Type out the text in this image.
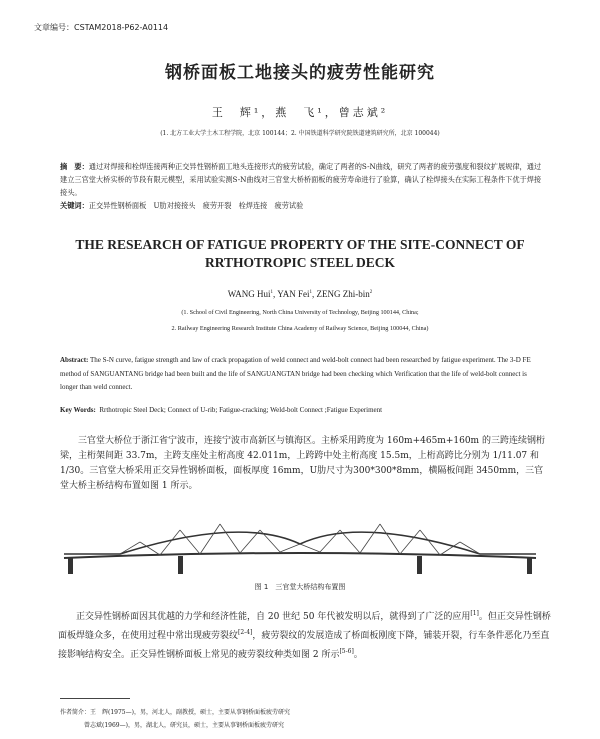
文章编号：CSTAM2018-P62-A0114
钢桥面板工地接头的疲劳性能研究
王　辉¹，燕　飞¹，曾志斌²
(1. 北方工业大学土木工程学院，北京 100144；2. 中国铁道科学研究院铁道建筑研究所，北京 100044)
摘　要：通过对焊接和栓焊连接两种正交异性钢桥面工地头连接形式的疲劳试验，确定了两者的S-N曲线，研究了两者的疲劳强度和裂纹扩展规律，通过建立三官堂大桥实桥的节段有限元模型，采用试验实测S-N曲线对三官堂大桥桥面板的疲劳寿命进行了验算，确认了栓焊接头在实际工程条件下优于焊接接头。
关键词：正交异性钢桥面板　U肋对接接头　疲劳开裂　栓焊连接　疲劳试验
THE RESEARCH OF FATIGUE PROPERTY OF THE SITE-CONNECT OF
RRTHOTROPIC STEEL DECK
WANG Hui$^1$, YAN Fei$^1$, ZENG Zhi-bin$^2$
(1. School of Civil Engineering, North China University of Technology, Beijing 100144, China;
2. Railway Engineering Research Institute China Academy of Railway Science, Beijing 100044, China)
Abstract: The S-N curve, fatigue strength and law of crack propagation of weld connect and weld-bolt connect had been researched by fatigue experiment. The 3-D FE method of SANGUANTANG bridge had been built and the life of SANGUANGTAN bridge had been checking which Verification that the life of weld-bolt connect is longer than weld connect.
Key Words: Rrthotropic Steel Deck; Connect of U-rib; Fatigue-cracking; Weld-bolt Connect ;Fatigue Experiment
三官堂大桥位于浙江省宁波市，连接宁波市高新区与镇海区。主桥采用跨度为 160m+465m+160m 的三跨连续钢桁梁，主桁架间距 33.7m，主跨支座处主桁高度 42.011m，上跨跨中处主桁高度 15.5m，上桁高跨比分别为 1/11.07 和 1/30。三官堂大桥采用正交异性钢桥面板，面板厚度 16mm，U肋尺寸为300*300*8mm，横隔板间距 3450mm，三官堂大桥主桥结构布置如图 1 所示。
图 1　三官堂大桥结构布置图
正交异性钢桥面因其优越的力学和经济性能，自 20 世纪 50 年代被发明以后，就得到了广泛的应用[1]。但正交异性钢桥面板焊缝众多，在使用过程中常出现疲劳裂纹[2-4]，疲劳裂纹的发展造成了桥面板刚度下降，铺装开裂，行车条件恶化乃至直接影响结构安全。正交异性钢桥面板上常见的疲劳裂纹种类如图 2 所示[5-6]。
作者简介：王　辉(1975—)，男，河北人，副教授，硕士，主要从事钢桥面板疲劳研究
曾志斌(1969—)，男，湖北人，研究员，硕士，主要从事钢桥面板疲劳研究
